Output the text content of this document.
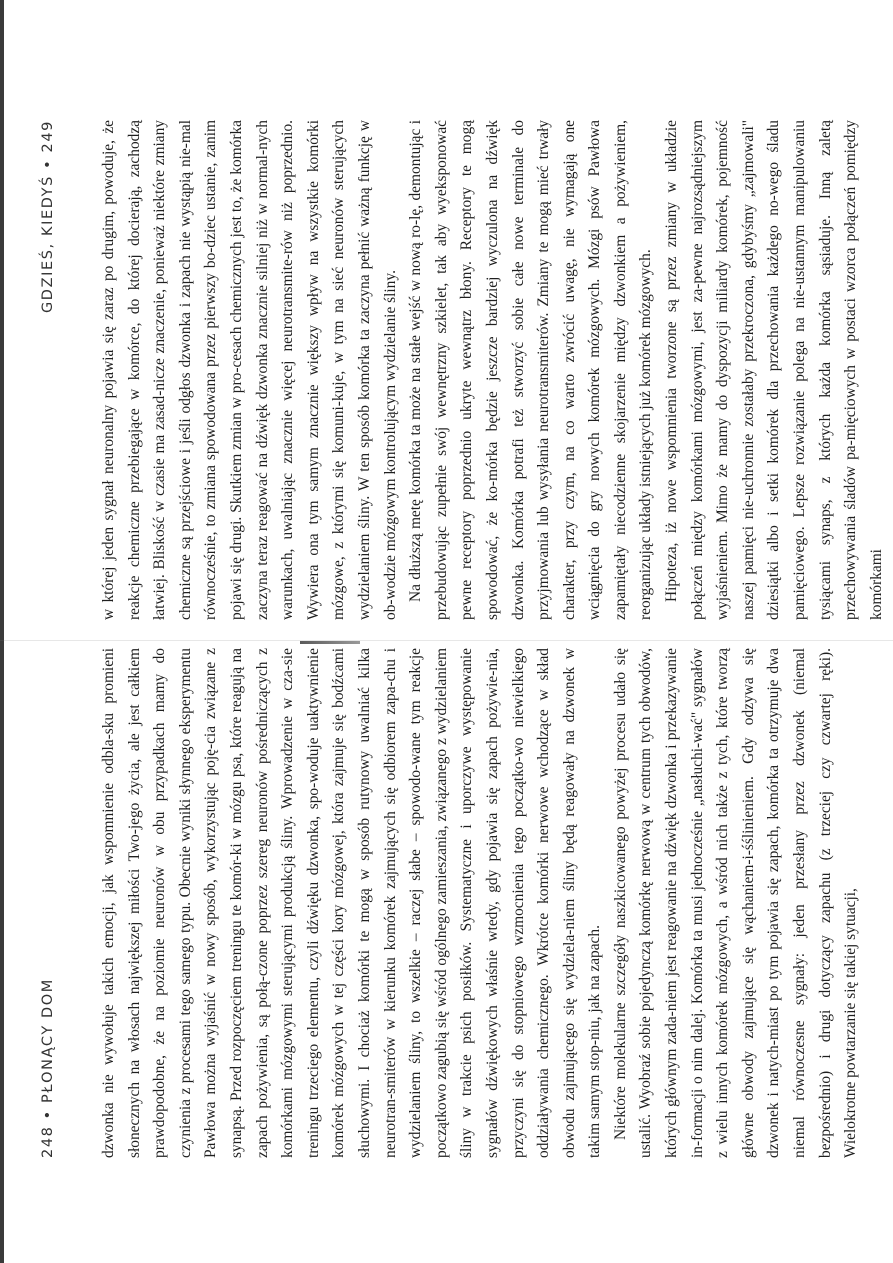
248 • PŁONĄCY DOM	dzwonka nie wywołuje takich emocji, jak wspomnienie odbla-sku promieni słonecznych na włosach największej miłości Two-jego życia, ale jest całkiem prawdopodobne, że na poziomie neuronów w obu przypadkach mamy do czynienia z procesami tego samego typu. Obecnie wyniki słynnego eksperymentu Pawłowa można wyjaśnić w nowy sposób, wykorzystując poję-cia związane z synapsą. Przed rozpoczęciem treningu te komór-ki w mózgu psa, które reagują na zapach pożywienia, są połą-czone poprzez szereg neuronów pośredniczących z komórkami mózgowymi sterującymi produkcją śliny. Wprowadzenie w cza-sie treningu trzeciego elementu, czyli dźwięku dzwonka, spo-woduje uaktywnienie komórek mózgowych w tej części kory mózgowej, która zajmuje się bodźcami słuchowymi. I chociaż komórki te mogą w sposób rutynowy uwalniać kilka neurotran-smiterów w kierunku komórek zajmujących się odbiorem zapa-chu i wydzielaniem śliny, to wszelkie – raczej słabe – spowodo-wane tym reakcje początkowo zagubią się wśród ogólnego zamieszania, związanego z wydzielaniem śliny w trakcie psich posiłków. Systematyczne i uporczywe występowanie sygnałów dźwiękowych właśnie wtedy, gdy pojawia się zapach pożywie-nia, przyczyni się do stopniowego wzmocnienia tego początko-wo niewielkiego oddziaływania chemicznego. Wkrótce komórki nerwowe wchodzące w skład obwodu zajmującego się wydziela-niem śliny będą reagowały na dzwonek w takim samym stop-niu, jak na zapach. Niektóre molekularne szczegóły naszkicowanego powyżej procesu udało się ustalić. Wyobraź sobie pojedynczą komórkę nerwową w centrum tych obwodów, których głównym zada-niem jest reagowanie na dźwięk dzwonka i przekazywanie in-formacji o nim dalej. Komórka ta musi jednocześnie „nasłuchi-wać" sygnałów z wielu innych komórek mózgowych, a wśród nich także z tych, które tworzą główne obwody zajmujące się wąchaniem-i-śślinieniem. Gdy odzywa się dzwonek i natych-miast po tym pojawia się zapach, komórka ta otrzymuje dwa niemal równoczesne sygnały: jeden przesłany przez dzwonek (niemal bezpośrednio) i drugi dotyczący zapachu (z trzeciej czy czwartej ręki). Wielokrotne powtarzanie się takiej sytuacji,

GDZIEŚ, KIEDYŚ • 249	w której jeden sygnał neuronalny pojawia się zaraz po drugim, powoduje, że reakcje chemiczne przebiegające w komórce, do której docierają, zachodzą łatwiej. Bliskość w czasie ma zasad-nicze znaczenie, ponieważ niektóre zmiany chemiczne są przejściowe i jeśli odgłos dzwonka i zapach nie wystąpią nie-mal równocześnie, to zmiana spowodowana przez pierwszy bo-dziec ustanie, zanim pojawi się drugi. Skutkiem zmian w pro-cesach chemicznych jest to, że komórka zaczyna teraz reagować na dźwięk dzwonka znacznie silniej niż w normal-nych warunkach, uwalniając znacznie więcej neurotransmite-rów niż poprzednio. Wywiera ona tym samym znacznie większy wpływ na wszystkie komórki mózgowe, z którymi się komuni-kuje, w tym na sieć neuronów sterujących wydzielaniem śliny. W ten sposób komórka ta zaczyna pełnić ważną funkcję w ob-wodzie mózgowym kontrolującym wydzielanie śliny. Na dłuższą metę komórka ta może na stałe wejść w nową ro-lę, demontując i przebudowując zupełnie swój wewnętrzny szkielet, tak aby wyeksponować pewne receptory poprzednio ukryte wewnątrz błony. Receptory te mogą spowodować, że ko-mórka będzie jeszcze bardziej wyczulona na dźwięk dzwonka. Komórka potrafi też stworzyć sobie całe nowe terminale do przyjmowania lub wysyłania neurotransmiterów. Zmiany te mogą mieć trwały charakter, przy czym, na co warto zwrócić uwagę, nie wymagają one wciągnięcia do gry nowych komórek mózgowych. Mózgi psów Pawłowa zapamiętały niecodzienne skojarzenie między dzwonkiem a pożywieniem, reorganizując układy istniejących już komórek mózgowych. Hipoteza, iż nowe wspomnienia tworzone są przez zmiany w układzie połączeń między komórkami mózgowymi, jest za-pewne najrozsądniejszym wyjaśnieniem. Mimo że mamy do dyspozycji miliardy komórek, pojemność naszej pamięci nie-uchronnie zostałaby przekroczona, gdybyśmy „zajmowali" dziesiątki albo i setki komórek dla przechowania każdego no-wego śladu pamięciowego. Lepsze rozwiązanie polega na nie-ustannym manipulowaniu tysiącami synaps, z których każda komórka sąsiaduje. Inną zaletą przechowywania śladów pa-mięciowych w postaci wzorca połączeń pomiędzy komórkami
